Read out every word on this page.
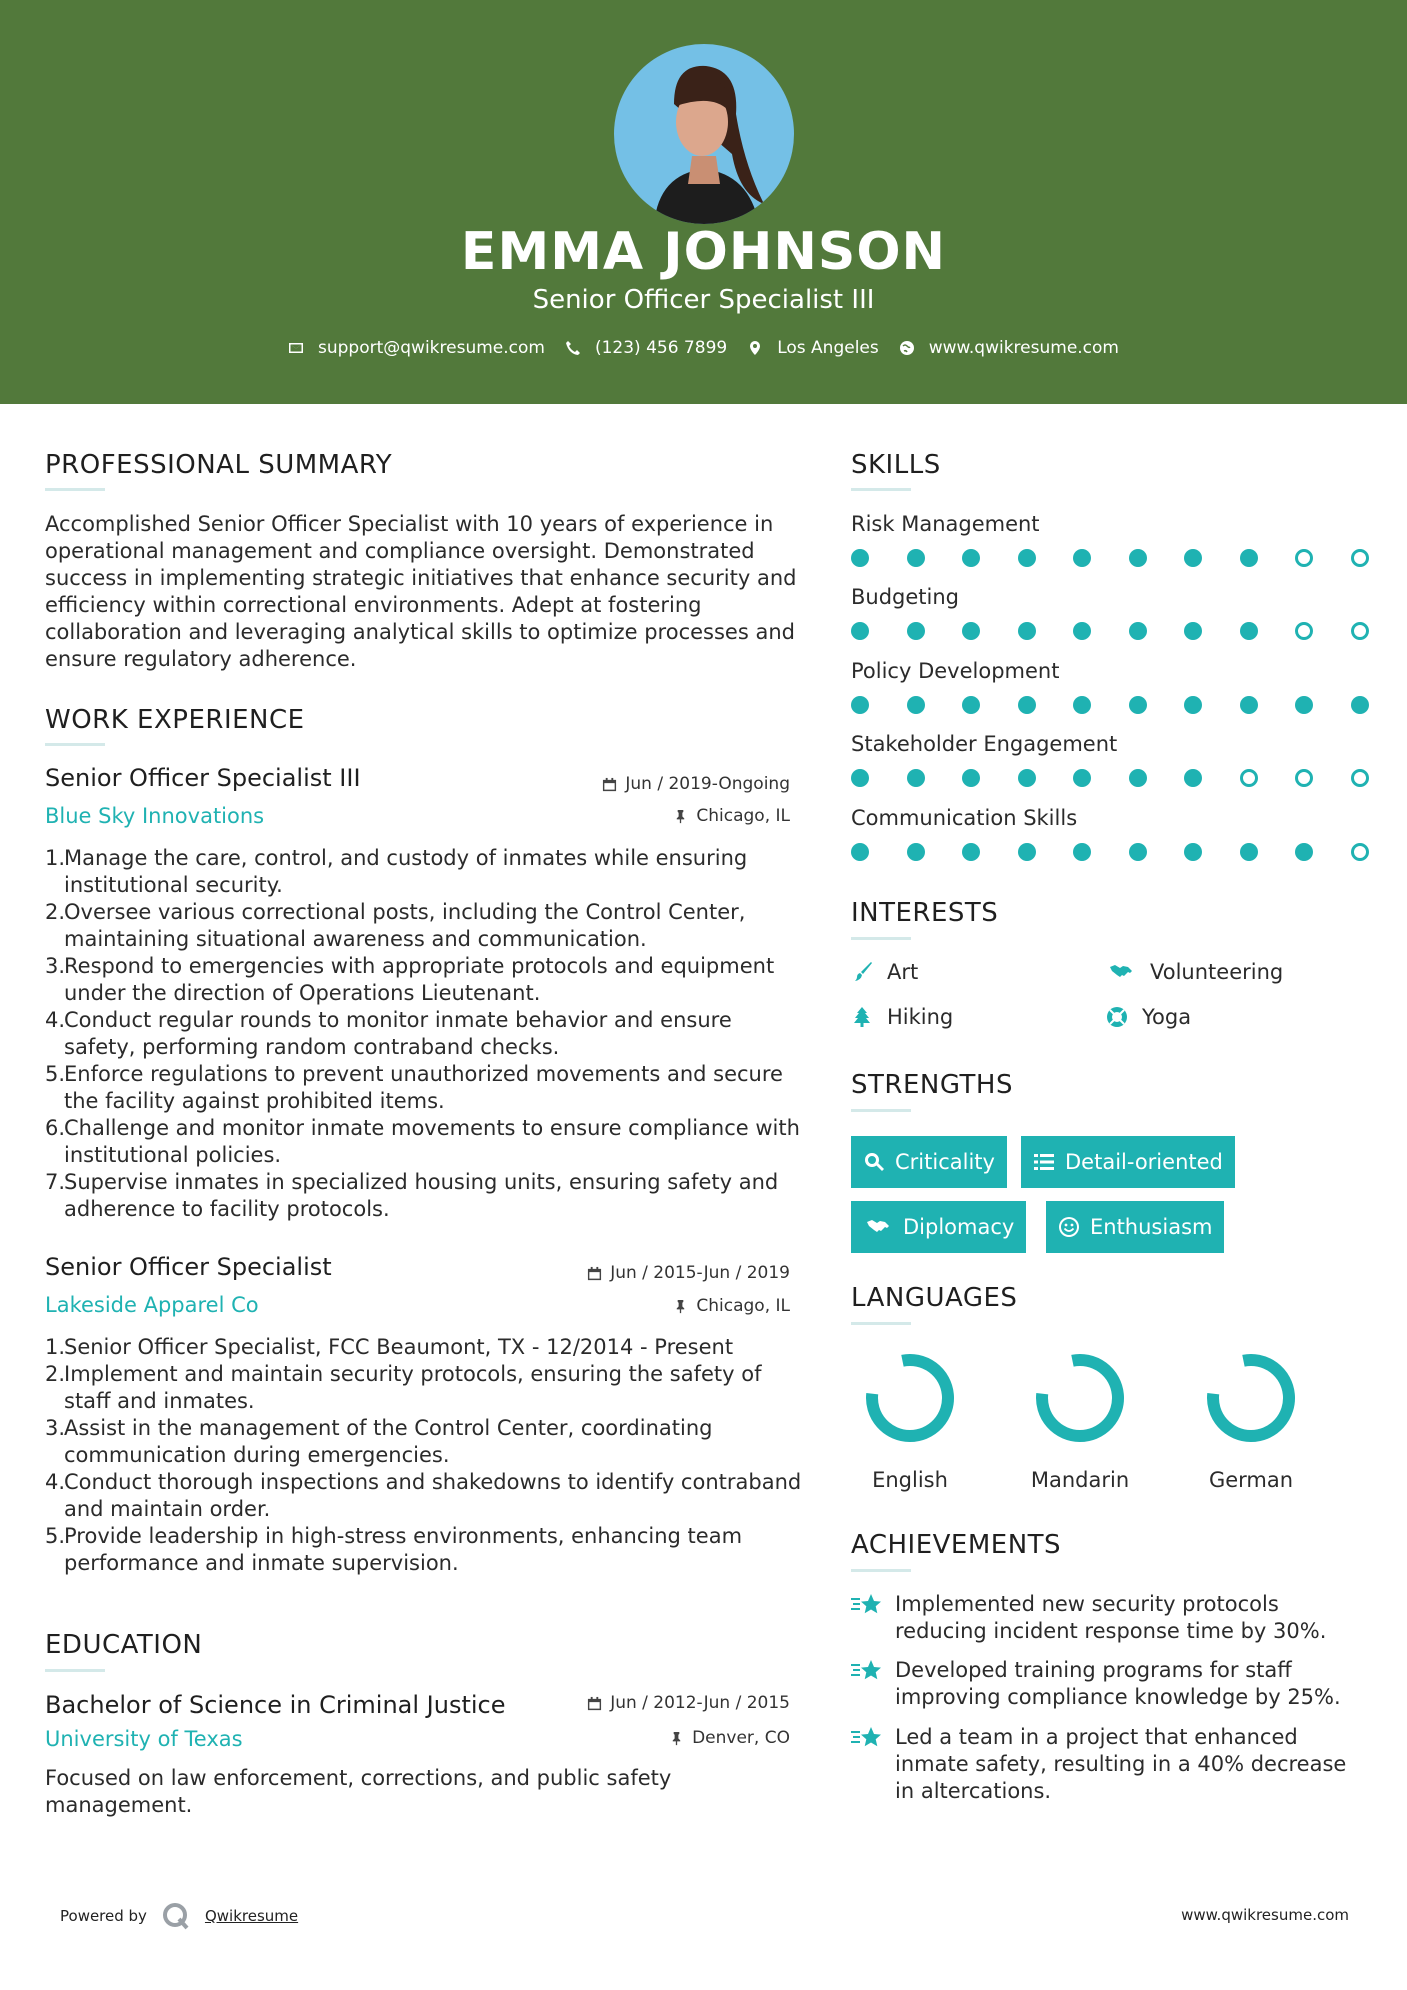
EMMA JOHNSON
Senior Officer Specialist III
support@qwikresume.com	(123) 456 7899	Los Angeles	www.qwikresume.com
PROFESSIONAL SUMMARY
Accomplished Senior Officer Specialist with 10 years of experience in operational management and compliance oversight. Demonstrated success in implementing strategic initiatives that enhance security and efficiency within correctional environments. Adept at fostering collaboration and leveraging analytical skills to optimize processes and ensure regulatory adherence.
WORK EXPERIENCE
Senior Officer Specialist III	Jun / 2019-Ongoing
Blue Sky Innovations	Chicago, IL
1.
Manage the care, control, and custody of inmates while ensuring institutional security.
2.
Oversee various correctional posts, including the Control Center, maintaining situational awareness and communication.
3.
Respond to emergencies with appropriate protocols and equipment under the direction of Operations Lieutenant.
4.
Conduct regular rounds to monitor inmate behavior and ensure safety, performing random contraband checks.
5.
Enforce regulations to prevent unauthorized movements and secure the facility against prohibited items.
6.
Challenge and monitor inmate movements to ensure compliance with institutional policies.
7.
Supervise inmates in specialized housing units, ensuring safety and adherence to facility protocols.
Senior Officer Specialist	Jun / 2015-Jun / 2019
Lakeside Apparel Co	Chicago, IL
1.
Senior Officer Specialist, FCC Beaumont, TX - 12/2014 - Present
2.
Implement and maintain security protocols, ensuring the safety of staff and inmates.
3.
Assist in the management of the Control Center, coordinating communication during emergencies.
4.
Conduct thorough inspections and shakedowns to identify contraband and maintain order.
5.
Provide leadership in high-stress environments, enhancing team performance and inmate supervision.
EDUCATION
Bachelor of Science in Criminal Justice	Jun / 2012-Jun / 2015
University of Texas	Denver, CO
Focused on law enforcement, corrections, and public safety management.
SKILLS
Risk Management
Budgeting
Policy Development
Stakeholder Engagement
Communication Skills
INTERESTS
Art	Volunteering
Hiking	Yoga
STRENGTHS
Criticality	Detail-oriented
Diplomacy	Enthusiasm
LANGUAGES
English	Mandarin	German
ACHIEVEMENTS
Implemented new security protocols reducing incident response time by 30%.
Developed training programs for staff improving compliance knowledge by 25%.
Led a team in a project that enhanced inmate safety, resulting in a 40% decrease in altercations.
Powered by	Qwikresume	www.qwikresume.com
